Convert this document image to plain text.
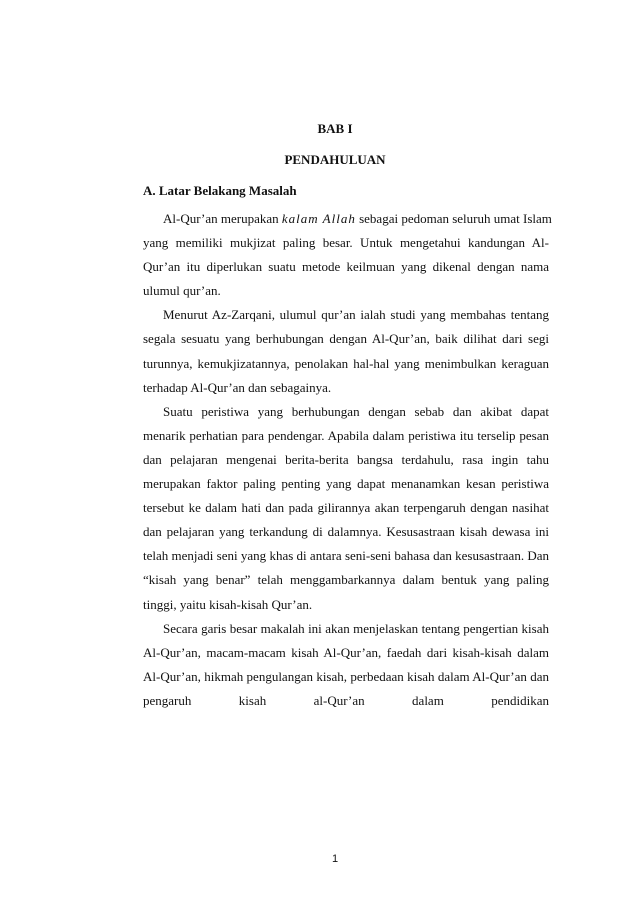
BAB I
PENDAHULUAN
A. Latar Belakang Masalah

Al-Qur’an merupakan kalam Allah sebagai pedoman seluruh umat Islam
yang memiliki mukjizat paling besar. Untuk mengetahui kandungan Al-
Qur’an itu diperlukan suatu metode keilmuan yang dikenal dengan nama
ulumul qur’an.

Menurut Az-Zarqani, ulumul qur’an ialah studi yang membahas tentang
segala sesuatu yang berhubungan dengan Al-Qur’an, baik dilihat dari segi
turunnya, kemukjizatannya, penolakan hal-hal yang menimbulkan keraguan
terhadap Al-Qur’an dan sebagainya.

Suatu peristiwa yang berhubungan dengan sebab dan akibat dapat
menarik perhatian para pendengar. Apabila dalam peristiwa itu terselip pesan
dan pelajaran mengenai berita-berita bangsa terdahulu, rasa ingin tahu
merupakan faktor paling penting yang dapat menanamkan kesan peristiwa
tersebut ke dalam hati dan pada gilirannya akan terpengaruh dengan nasihat
dan pelajaran yang terkandung di dalamnya. Kesusastraan kisah dewasa ini
telah menjadi seni yang khas di antara seni-seni bahasa dan kesusastraan. Dan
“kisah yang benar” telah menggambarkannya dalam bentuk yang paling
tinggi, yaitu kisah-kisah Qur’an.

Secara garis besar makalah ini akan menjelaskan tentang pengertian kisah
Al-Qur’an, macam-macam kisah Al-Qur’an, faedah dari kisah-kisah dalam
Al-Qur’an, hikmah pengulangan kisah, perbedaan kisah dalam Al-Qur’an dan
pengaruh kisah al-Qur’an dalam pendidikan

1
